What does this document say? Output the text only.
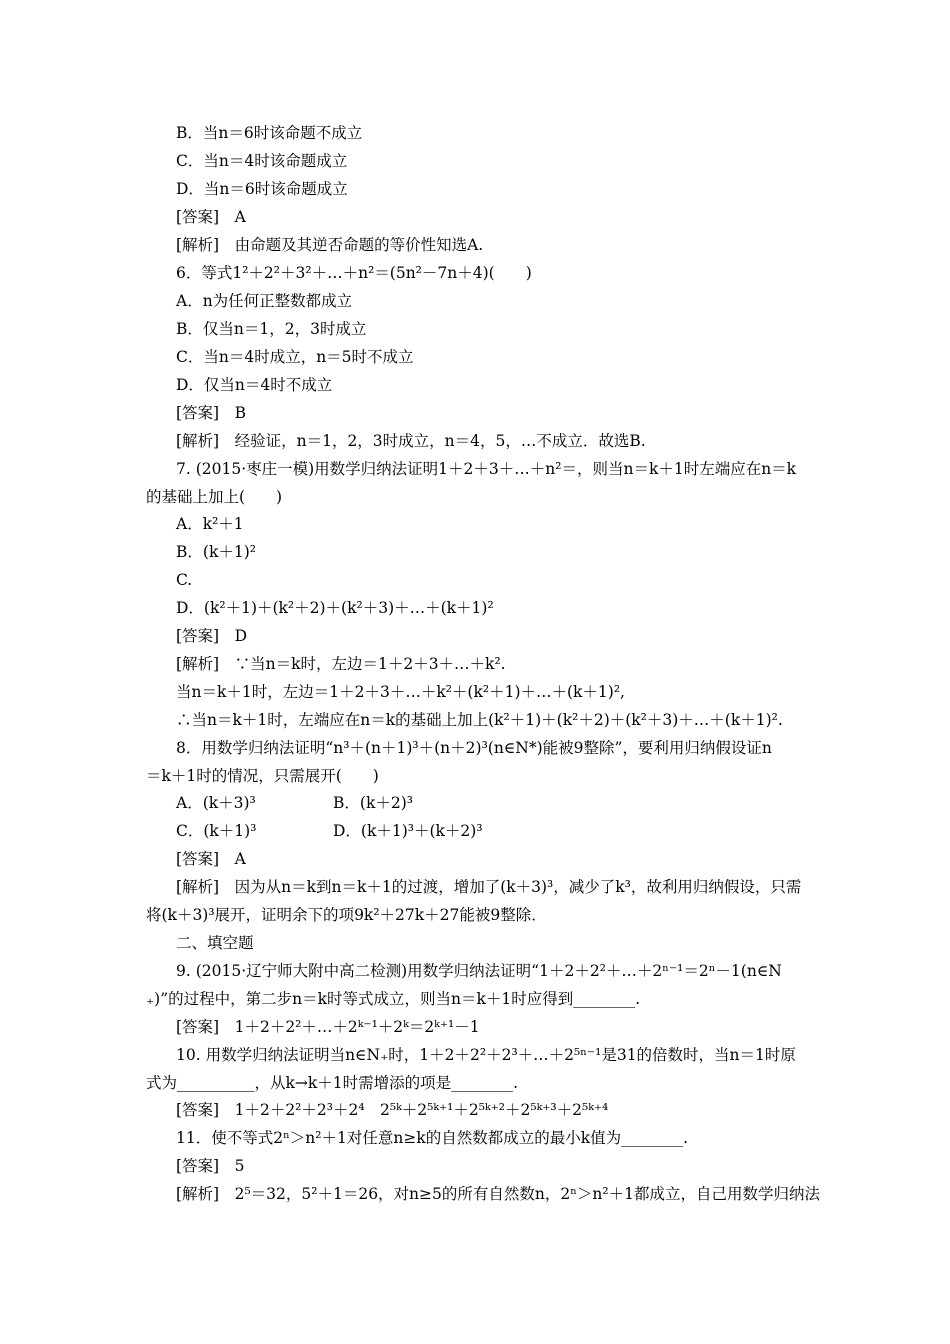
B．当n＝6时该命题不成立
C．当n＝4时该命题成立
D．当n＝6时该命题成立
[答案]　A
[解析]　由命题及其逆否命题的等价性知选A.
6．等式1²＋2²＋3²＋…＋n²＝(5n²－7n＋4)(　　)
A．n为任何正整数都成立
B．仅当n＝1，2，3时成立
C．当n＝4时成立，n＝5时不成立
D．仅当n＝4时不成立
[答案]　B
[解析]　经验证，n＝1，2，3时成立，n＝4，5，…不成立．故选B.
7. (2015·枣庄一模)用数学归纳法证明1＋2＋3＋…＋n²＝，则当n＝k＋1时左端应在n＝k
的基础上加上(　　)
A．k²＋1
B．(k＋1)²
C.
D．(k²＋1)＋(k²＋2)＋(k²＋3)＋…＋(k＋1)²
[答案]　D
[解析]　∵当n＝k时，左边＝1＋2＋3＋…＋k².
当n＝k＋1时，左边＝1＋2＋3＋…＋k²＋(k²＋1)＋…＋(k＋1)²,
∴当n＝k＋1时，左端应在n＝k的基础上加上(k²＋1)＋(k²＋2)＋(k²＋3)＋…＋(k＋1)².
8．用数学归纳法证明“n³＋(n＋1)³＋(n＋2)³(n∈N*)能被9整除”，要利用归纳假设证n
＝k＋1时的情况，只需展开(　　)
A．(k＋3)³	B．(k＋2)³
C．(k＋1)³	D．(k＋1)³＋(k＋2)³
[答案]　A
[解析]　因为从n＝k到n＝k＋1的过渡，增加了(k＋3)³，减少了k³，故利用归纳假设，只需
将(k＋3)³展开，证明余下的项9k²＋27k＋27能被9整除．
二、填空题
9. (2015·辽宁师大附中高二检测)用数学归纳法证明“1＋2＋2²＋…＋2ⁿ⁻¹＝2ⁿ－1(n∈N
₊)”的过程中，第二步n＝k时等式成立，则当n＝k＋1时应得到________.
[答案]　1＋2＋2²＋…＋2ᵏ⁻¹＋2ᵏ＝2ᵏ⁺¹－1
10. 用数学归纳法证明当n∈N₊时，1＋2＋2²＋2³＋…＋2⁵ⁿ⁻¹是31的倍数时，当n＝1时原
式为__________，从k→k＋1时需增添的项是________.
[答案]　1＋2＋2²＋2³＋2⁴　2⁵ᵏ＋2⁵ᵏ⁺¹＋2⁵ᵏ⁺²＋2⁵ᵏ⁺³＋2⁵ᵏ⁺⁴
11．使不等式2ⁿ＞n²＋1对任意n≥k的自然数都成立的最小k值为________.
[答案]　5
[解析]　2⁵＝32，5²＋1＝26，对n≥5的所有自然数n，2ⁿ＞n²＋1都成立，自己用数学归纳法
